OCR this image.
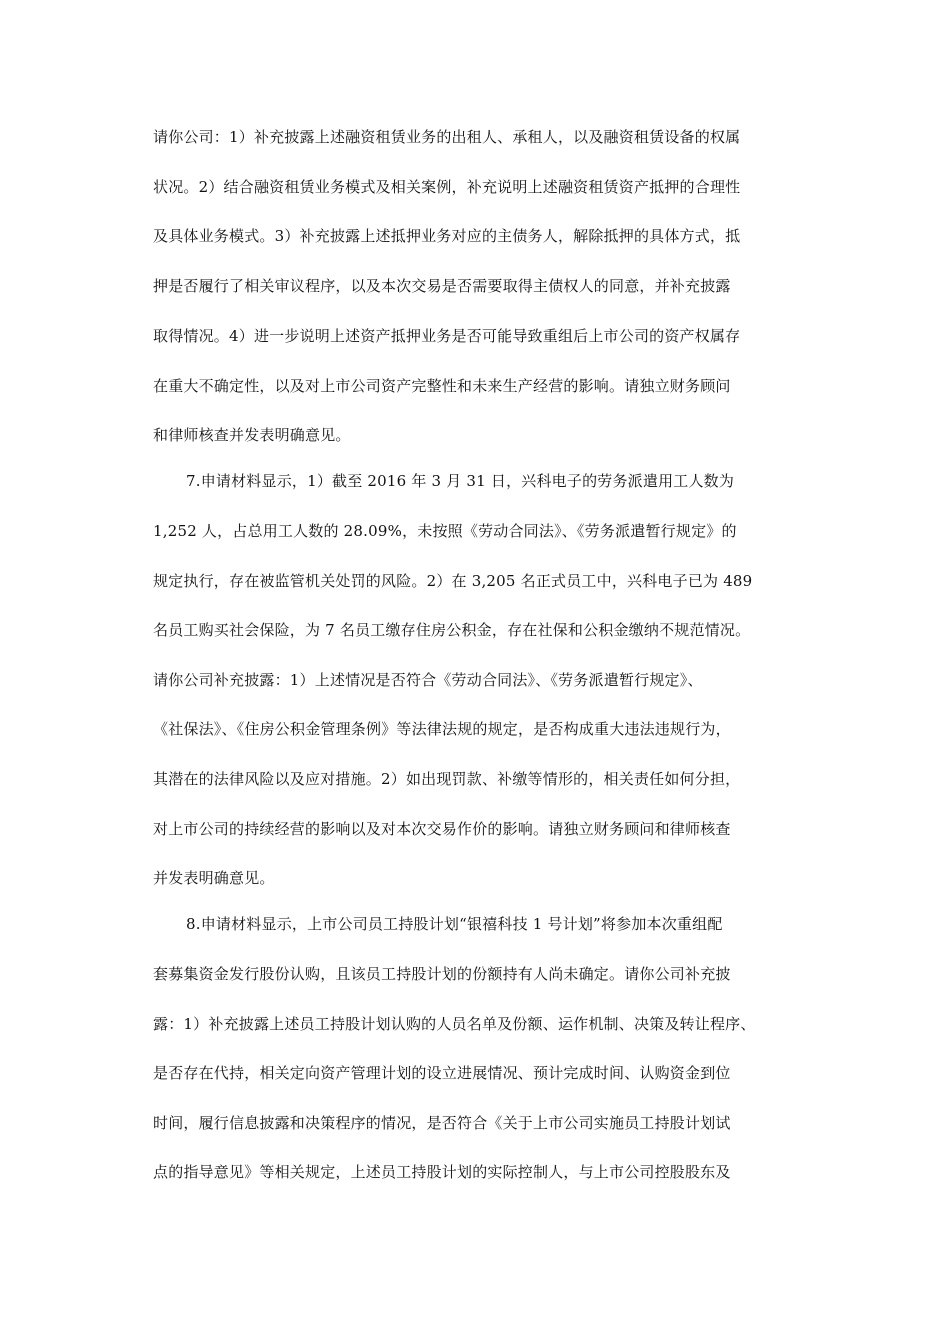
请你公司：1）补充披露上述融资租赁业务的出租人、承租人，以及融资租赁设备的权属
状况。2）结合融资租赁业务模式及相关案例，补充说明上述融资租赁资产抵押的合理性
及具体业务模式。3）补充披露上述抵押业务对应的主债务人，解除抵押的具体方式，抵
押是否履行了相关审议程序，以及本次交易是否需要取得主债权人的同意，并补充披露
取得情况。4）进一步说明上述资产抵押业务是否可能导致重组后上市公司的资产权属存
在重大不确定性，以及对上市公司资产完整性和未来生产经营的影响。请独立财务顾问
和律师核查并发表明确意见。
7.申请材料显示，1）截至 2016 年 3 月 31 日，兴科电子的劳务派遣用工人数为
1,252 人，占总用工人数的 28.09%，未按照《劳动合同法》、《劳务派遣暂行规定》的
规定执行，存在被监管机关处罚的风险。2）在 3,205 名正式员工中，兴科电子已为 489
名员工购买社会保险，为 7 名员工缴存住房公积金，存在社保和公积金缴纳不规范情况。
请你公司补充披露：1）上述情况是否符合《劳动合同法》、《劳务派遣暂行规定》、
《社保法》、《住房公积金管理条例》等法律法规的规定，是否构成重大违法违规行为，
其潜在的法律风险以及应对措施。2）如出现罚款、补缴等情形的，相关责任如何分担，
对上市公司的持续经营的影响以及对本次交易作价的影响。请独立财务顾问和律师核查
并发表明确意见。
8.申请材料显示，上市公司员工持股计划“银禧科技 1 号计划”将参加本次重组配
套募集资金发行股份认购，且该员工持股计划的份额持有人尚未确定。请你公司补充披
露：1）补充披露上述员工持股计划认购的人员名单及份额、运作机制、决策及转让程序、
是否存在代持，相关定向资产管理计划的设立进展情况、预计完成时间、认购资金到位
时间，履行信息披露和决策程序的情况，是否符合《关于上市公司实施员工持股计划试
点的指导意见》等相关规定，上述员工持股计划的实际控制人，与上市公司控股股东及
